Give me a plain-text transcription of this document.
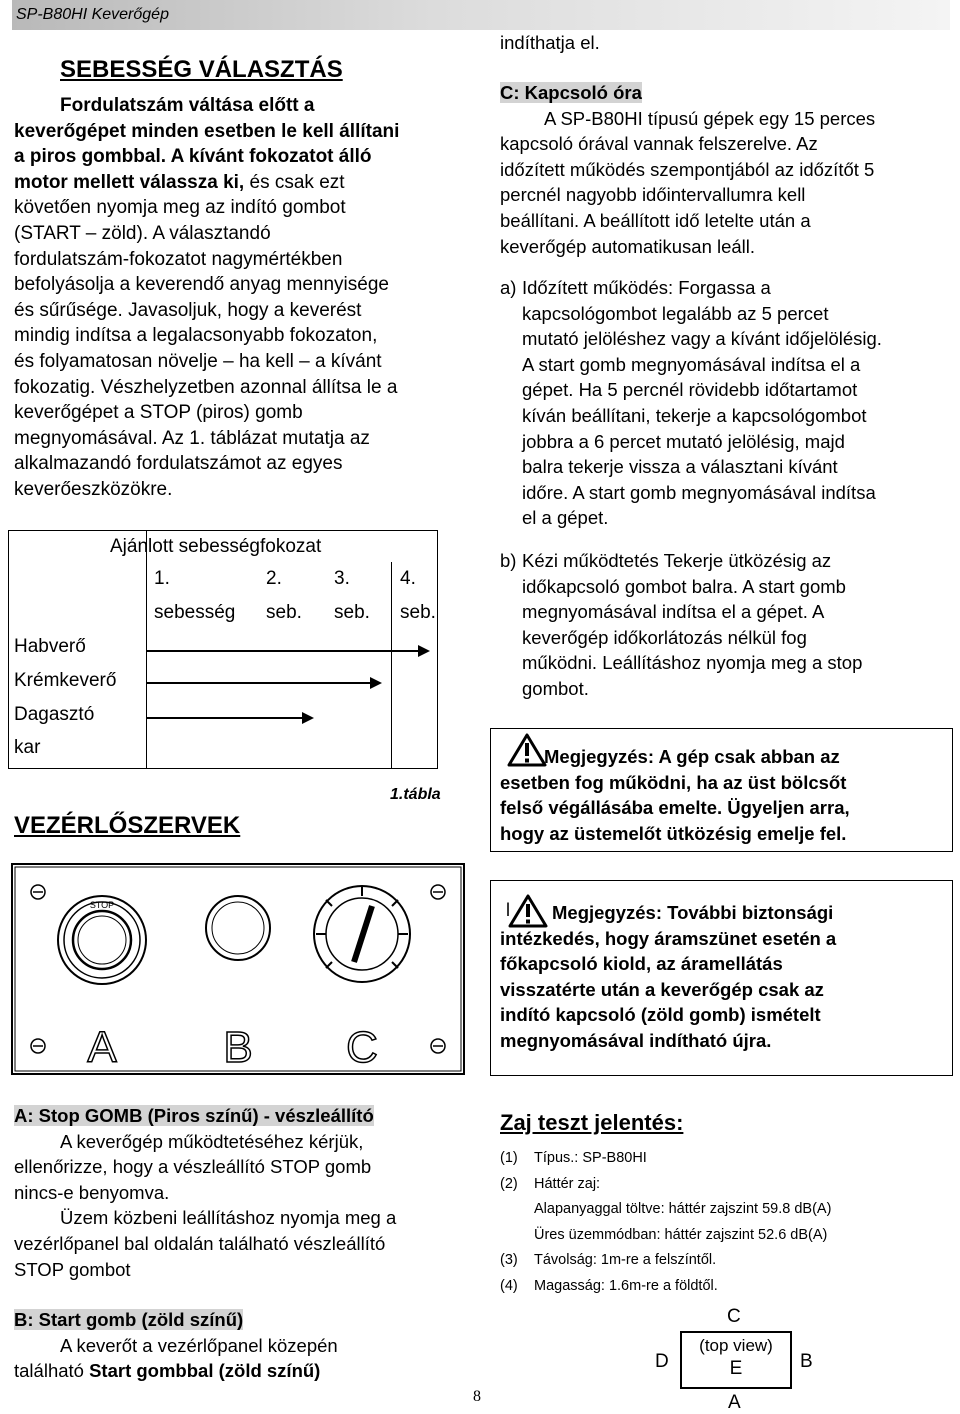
SP-B80HI Keverőgép
SEBESSÉG VÁLASZTÁS
Fordulatszám váltása előtt a
keverőgépet minden esetben le kell állítani
a piros gombbal. A kívánt fokozatot álló
motor mellett válassza ki, és csak ezt
követően nyomja meg az indító gombot
(START – zöld). A választandó
fordulatszám-fokozatot nagymértékben
befolyásolja a keverendő anyag mennyisége
és sűrűsége. Javasoljuk, hogy a keverést
mindig indítsa a legalacsonyabb fokozaton,
és folyamatosan növelje – ha kell – a kívánt
fokozatig. Vészhelyzetben azonnal állítsa le a
keverőgépet a STOP (piros) gomb
megnyomásával. Az 1. táblázat mutatja az
alkalmazandó fordulatszámot az egyes
keverőeszközökre.
Ajánlott sebességfokozat
1.
sebesség
2.
seb.
3.
seb.
4.
seb.
Habverő
Krémkeverő
Dagasztó
kar
1.tábla
VEZÉRLŐSZERVEK
STOP
A B C
indíthatja el.
C: Kapcsoló óra
A SP-B80HI típusú gépek egy 15 perces
kapcsoló órával vannak felszerelve. Az
időzített működés szempontjából az időzítőt 5
percnél nagyobb időintervallumra kell
beállítani. A beállított idő letelte után a
keverőgép automatikusan leáll.
a) Időzített működés: Forgassa a
kapcsológombot legalább az 5 percet
mutató jelöléshez vagy a kívánt időjelölésig.
A start gomb megnyomásával indítsa el a
gépet. Ha 5 percnél rövidebb időtartamot
kíván beállítani, tekerje a kapcsológombot
jobbra a 6 percet mutató jelölésig, majd
balra tekerje vissza a választani kívánt
időre. A start gomb megnyomásával indítsa
el a gépet.
b) Kézi működtetés Tekerje ütközésig az
időkapcsoló gombot balra. A start gomb
megnyomásával indítsa el a gépet. A
keverőgép időkorlátozás nélkül fog
működni. Leállításhoz nyomja meg a stop
gombot.
Megjegyzés: A gép csak abban az
esetben fog működni, ha az üst bölcsőt
felső végállásába emelte. Ügyeljen arra,
hogy az üstemelőt ütközésig emelje fel.
l	Megjegyzés: További biztonsági
intézkedés, hogy áramszünet esetén a
főkapcsoló kiold, az áramellátás
visszatérte után a keverőgép csak az
indító kapcsoló (zöld gomb) ismételt
megnyomásával indítható újra.
A: Stop GOMB (Piros színű) - vészleállító
A keverőgép működtetéséhez kérjük,
ellenőrizze, hogy a vészleállító STOP gomb
nincs-e benyomva.
Üzem közbeni leállításhoz nyomja meg a
vezérlőpanel bal oldalán található vészleállító
STOP gombot
B: Start gomb (zöld színű)
A keverőt a vezérlőpanel közepén
található Start gombbal (zöld színű)
Zaj teszt jelentés:
(1) Típus.: SP-B80HI
(2) Háttér zaj:
Alapanyaggal töltve: háttér zajszint 59.8 dB(A)
Üres üzemmódban: háttér zajszint 52.6 dB(A)
(3) Távolság: 1m-re a felszíntől.
(4) Magasság: 1.6m-re a földtől.
C
D	B
A
(top view)
E
8
